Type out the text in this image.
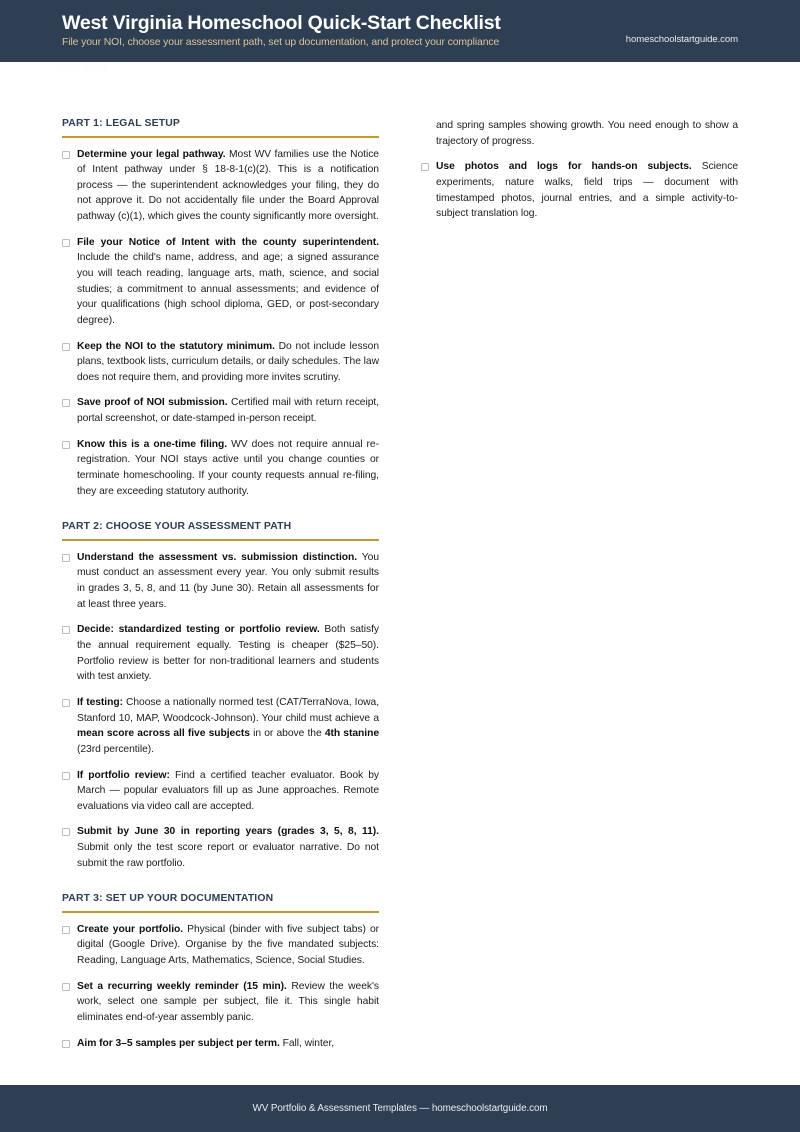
West Virginia Homeschool Quick-Start Checklist
File your NOI, choose your assessment path, set up documentation, and protect your compliance	homeschoolstartguide.com
WV NOI
PART 1: LEGAL SETUP
Determine your legal pathway. Most WV families use the Notice of Intent pathway under § 18-8-1(c)(2). This is a notification process — the superintendent acknowledges your filing, they do not approve it. Do not accidentally file under the Board Approval pathway (c)(1), which gives the county significantly more oversight.
File your Notice of Intent with the county superintendent. Include the child's name, address, and age; a signed assurance you will teach reading, language arts, math, science, and social studies; a commitment to annual assessments; and evidence of your qualifications (high school diploma, GED, or post-secondary degree).
Keep the NOI to the statutory minimum. Do not include lesson plans, textbook lists, curriculum details, or daily schedules. The law does not require them, and providing more invites scrutiny.
Save proof of NOI submission. Certified mail with return receipt, portal screenshot, or date-stamped in-person receipt.
Know this is a one-time filing. WV does not require annual re-registration. Your NOI stays active until you change counties or terminate homeschooling. If your county requests annual re-filing, they are exceeding statutory authority.
PART 2: CHOOSE YOUR ASSESSMENT PATH
Understand the assessment vs. submission distinction. You must conduct an assessment every year. You only submit results in grades 3, 5, 8, and 11 (by June 30). Retain all assessments for at least three years.
Decide: standardized testing or portfolio review. Both satisfy the annual requirement equally. Testing is cheaper ($25–50). Portfolio review is better for non-traditional learners and students with test anxiety.
If testing: Choose a nationally normed test (CAT/TerraNova, Iowa, Stanford 10, MAP, Woodcock-Johnson). Your child must achieve a mean score across all five subjects in or above the 4th stanine (23rd percentile).
If portfolio review: Find a certified teacher evaluator. Book by March — popular evaluators fill up as June approaches. Remote evaluations via video call are accepted.
Submit by June 30 in reporting years (grades 3, 5, 8, 11). Submit only the test score report or evaluator narrative. Do not submit the raw portfolio.
PART 3: SET UP YOUR DOCUMENTATION
Create your portfolio. Physical (binder with five subject tabs) or digital (Google Drive). Organise by the five mandated subjects: Reading, Language Arts, Mathematics, Science, Social Studies.
Set a recurring weekly reminder (15 min). Review the week's work, select one sample per subject, file it. This single habit eliminates end-of-year assembly panic.
Aim for 3–5 samples per subject per term. Fall, winter,
and spring samples showing growth. You need enough to show a trajectory of progress.
Use photos and logs for hands-on subjects. Science experiments, nature walks, field trips — document with timestamped photos, journal entries, and a simple activity-to-subject translation log.
WV Portfolio & Assessment Templates — homeschoolstartguide.com
